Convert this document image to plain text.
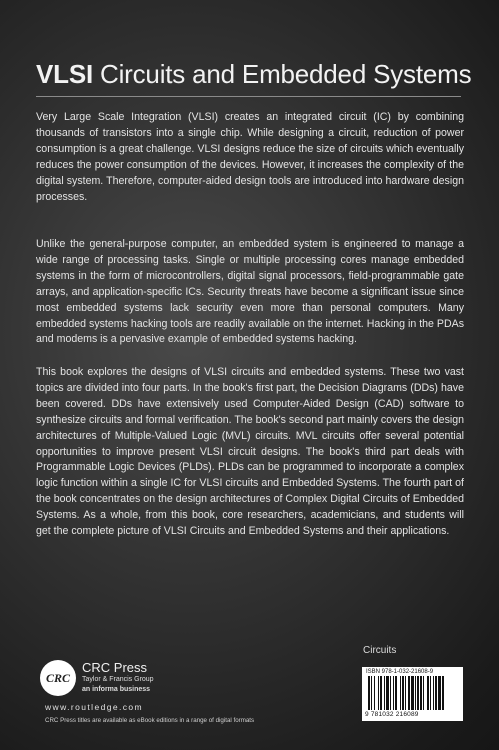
VLSI Circuits and Embedded Systems

Very Large Scale Integration (VLSI) creates an integrated circuit (IC) by combining thousands of transistors into a single chip. While designing a circuit, reduction of power consumption is a great challenge. VLSI designs reduce the size of circuits which eventually reduces the power consumption of the devices. However, it increases the complexity of the digital system. Therefore, computer-aided design tools are introduced into hardware design processes.

Unlike the general-purpose computer, an embedded system is engineered to manage a wide range of processing tasks. Single or multiple processing cores manage embedded systems in the form of microcontrollers, digital signal processors, field-programmable gate arrays, and application-specific ICs. Security threats have become a significant issue since most embedded systems lack security even more than personal computers. Many embedded systems hacking tools are readily available on the internet. Hacking in the PDAs and modems is a pervasive example of embedded systems hacking.

This book explores the designs of VLSI circuits and embedded systems. These two vast topics are divided into four parts. In the book's first part, the Decision Diagrams (DDs) have been covered. DDs have extensively used Computer-Aided Design (CAD) software to synthesize circuits and formal verification. The book's second part mainly covers the design architectures of Multiple-Valued Logic (MVL) circuits. MVL circuits offer several potential opportunities to improve present VLSI circuit designs. The book's third part deals with Programmable Logic Devices (PLDs). PLDs can be programmed to incorporate a complex logic function within a single IC for VLSI circuits and Embedded Systems. The fourth part of the book concentrates on the design architectures of Complex Digital Circuits of Embedded Systems. As a whole, from this book, core researchers, academicians, and students will get the complete picture of VLSI Circuits and Embedded Systems and their applications.

Circuits
ISBN 978-1-032-21608-9
9 781032 216089
CRC
CRC Press
Taylor & Francis Group
an informa business
www.routledge.com
CRC Press titles are available as eBook editions in a range of digital formats
